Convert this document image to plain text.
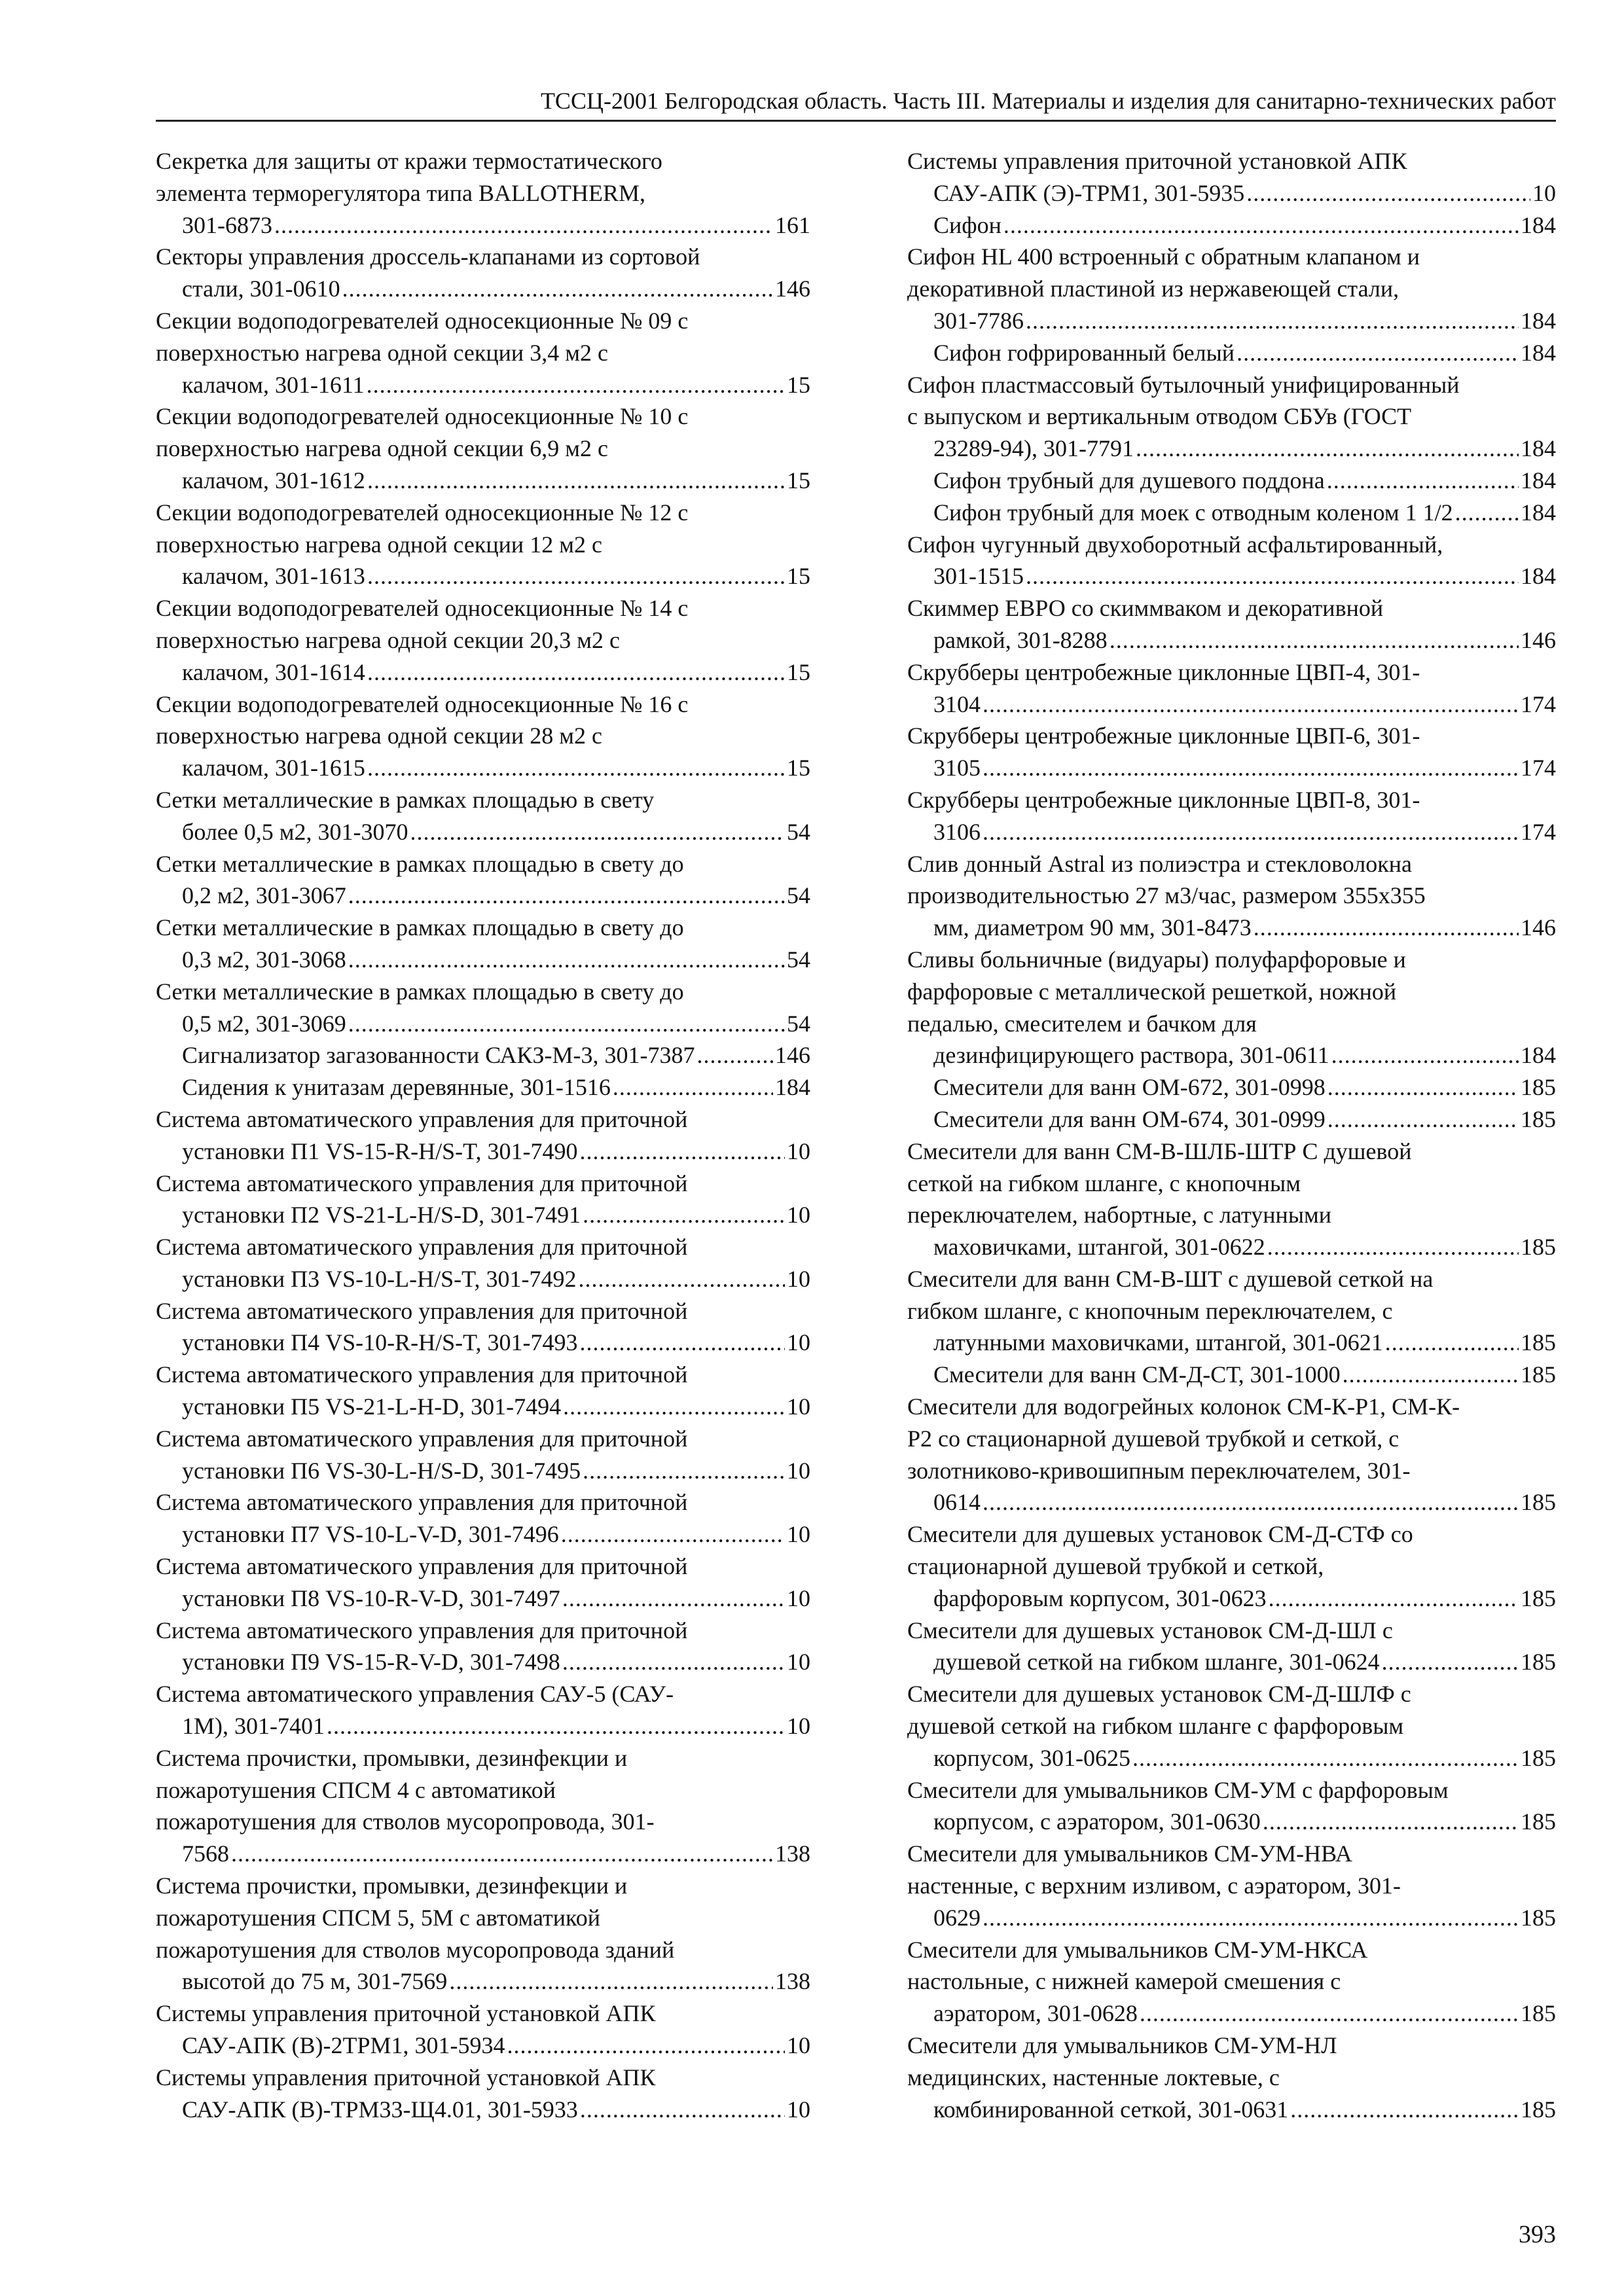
ТССЦ-2001 Белгородская область. Часть III. Материалы и изделия для санитарно-технических работ
Секретка для защиты от кражи термостатического
элемента терморегулятора типа BALLOTHERM,
301-6873 .....	161
Секторы управления дроссель-клапанами из сортовой
стали, 301-0610 .....	146
Секции водоподогревателей односекционные № 09 с
поверхностью нагрева одной секции 3,4 м2 с
калачом, 301-1611 .....	15
Секции водоподогревателей односекционные № 10 с
поверхностью нагрева одной секции 6,9 м2 с
калачом, 301-1612 .....	15
Секции водоподогревателей односекционные № 12 с
поверхностью нагрева одной секции 12 м2 с
калачом, 301-1613 .....	15
Секции водоподогревателей односекционные № 14 с
поверхностью нагрева одной секции 20,3 м2 с
калачом, 301-1614 .....	15
Секции водоподогревателей односекционные № 16 с
поверхностью нагрева одной секции 28 м2 с
калачом, 301-1615 .....	15
Сетки металлические в рамках площадью в свету
более 0,5 м2, 301-3070 .....	54
Сетки металлические в рамках площадью в свету до
0,2 м2, 301-3067 .....	54
Сетки металлические в рамках площадью в свету до
0,3 м2, 301-3068 .....	54
Сетки металлические в рамках площадью в свету до
0,5 м2, 301-3069 .....	54
Сигнализатор загазованности САКЗ-М-3, 301-7387 .....	146
Сидения к унитазам деревянные, 301-1516 .....	184
Система автоматического управления для приточной
установки П1 VS-15-R-H/S-T, 301-7490 .....	10
Система автоматического управления для приточной
установки П2 VS-21-L-H/S-D, 301-7491 .....	10
Система автоматического управления для приточной
установки П3 VS-10-L-H/S-T, 301-7492 .....	10
Система автоматического управления для приточной
установки П4 VS-10-R-H/S-T, 301-7493 .....	10
Система автоматического управления для приточной
установки П5 VS-21-L-H-D, 301-7494 .....	10
Система автоматического управления для приточной
установки П6 VS-30-L-H/S-D, 301-7495 .....	10
Система автоматического управления для приточной
установки П7 VS-10-L-V-D, 301-7496 .....	10
Система автоматического управления для приточной
установки П8 VS-10-R-V-D, 301-7497 .....	10
Система автоматического управления для приточной
установки П9 VS-15-R-V-D, 301-7498 .....	10
Система автоматического управления САУ-5 (САУ-
1М), 301-7401 .....	10
Система прочистки, промывки, дезинфекции и
пожаротушения СПСМ 4 с автоматикой
пожаротушения для стволов мусоропровода, 301-
7568 .....	138
Система прочистки, промывки, дезинфекции и
пожаротушения СПСМ 5, 5М с автоматикой
пожаротушения для стволов мусоропровода зданий
высотой до 75 м, 301-7569 .....	138
Системы управления приточной установкой АПК
САУ-АПК (В)-2ТРМ1, 301-5934 .....	10
Системы управления приточной установкой АПК
САУ-АПК (В)-ТРМ33-Щ4.01, 301-5933 .....	10
Системы управления приточной установкой АПК
САУ-АПК (Э)-ТРМ1, 301-5935 .....	10
Сифон .....	184
Сифон HL 400 встроенный с обратным клапаном и
декоративной пластиной из нержавеющей стали,
301-7786 .....	184
Сифон гофрированный белый .....	184
Сифон пластмассовый бутылочный унифицированный
с выпуском и вертикальным отводом СБУв (ГОСТ
23289-94), 301-7791 .....	184
Сифон трубный для душевого поддона .....	184
Сифон трубный для моек с отводным коленом 1 1/2 .....	184
Сифон чугунный двухоборотный асфальтированный,
301-1515 .....	184
Скиммер ЕВРО со скиммваком и декоративной
рамкой, 301-8288 .....	146
Скрубберы центробежные циклонные ЦВП-4, 301-
3104 .....	174
Скрубберы центробежные циклонные ЦВП-6, 301-
3105 .....	174
Скрубберы центробежные циклонные ЦВП-8, 301-
3106 .....	174
Слив донный Astral из полиэстра и стекловолокна
производительностью 27 м3/час, размером 355х355
мм, диаметром 90 мм, 301-8473 .....	146
Сливы больничные (видуары) полуфарфоровые и
фарфоровые с металлической решеткой, ножной
педалью, смесителем и бачком для
дезинфицирующего раствора, 301-0611 .....	184
Смесители для ванн ОМ-672, 301-0998 .....	185
Смесители для ванн ОМ-674, 301-0999 .....	185
Смесители для ванн СМ-В-ШЛБ-ШТР С душевой
сеткой на гибком шланге, с кнопочным
переключателем, набортные, с латунными
маховичками, штангой, 301-0622 .....	185
Смесители для ванн СМ-В-ШТ с душевой сеткой на
гибком шланге, с кнопочным переключателем, с
латунными маховичками, штангой, 301-0621 .....	185
Смесители для ванн СМ-Д-СТ, 301-1000 .....	185
Смесители для водогрейных колонок СМ-К-Р1, СМ-К-
Р2 со стационарной душевой трубкой и сеткой, с
золотниково-кривошипным переключателем, 301-
0614 .....	185
Смесители для душевых установок СМ-Д-СТФ со
стационарной душевой трубкой и сеткой,
фарфоровым корпусом, 301-0623 .....	185
Смесители для душевых установок СМ-Д-ШЛ с
душевой сеткой на гибком шланге, 301-0624 .....	185
Смесители для душевых установок СМ-Д-ШЛФ с
душевой сеткой на гибком шланге с фарфоровым
корпусом, 301-0625 .....	185
Смесители для умывальников СМ-УМ с фарфоровым
корпусом, с аэратором, 301-0630 .....	185
Смесители для умывальников СМ-УМ-НВА
настенные, с верхним изливом, с аэратором, 301-
0629 .....	185
Смесители для умывальников СМ-УМ-НКСА
настольные, с нижней камерой смешения с
аэратором, 301-0628 .....	185
Смесители для умывальников СМ-УМ-НЛ
медицинских, настенные локтевые, с
комбинированной сеткой, 301-0631 .....	185
393
